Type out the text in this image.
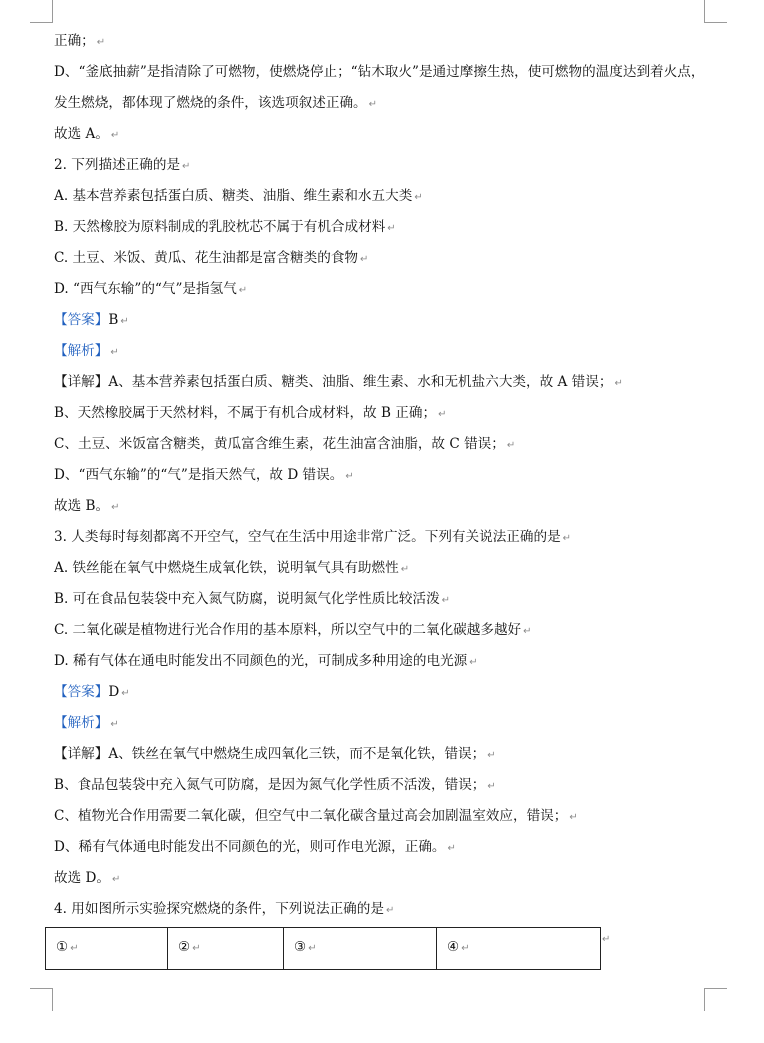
正确； ↵
D、“釜底抽薪”是指清除了可燃物，使燃烧停止；“钻木取火”是通过摩擦生热，使可燃物的温度达到着火点，
发生燃烧，都体现了燃烧的条件，该选项叙述正确。 ↵
故选 A。 ↵
2. 下列描述正确的是 ↵
A. 基本营养素包括蛋白质、糖类、油脂、维生素和水五大类 ↵
B. 天然橡胶为原料制成的乳胶枕芯不属于有机合成材料 ↵
C. 土豆、米饭、黄瓜、花生油都是富含糖类的食物 ↵
D. “西气东输”的“气”是指氢气 ↵
【答案】B ↵
【解析】 ↵
【详解】A、基本营养素包括蛋白质、糖类、油脂、维生素、水和无机盐六大类，故 A 错误； ↵
B、天然橡胶属于天然材料，不属于有机合成材料，故 B 正确； ↵
C、土豆、米饭富含糖类，黄瓜富含维生素，花生油富含油脂，故 C 错误； ↵
D、“西气东输”的“气”是指天然气，故 D 错误。 ↵
故选 B。 ↵
3. 人类每时每刻都离不开空气，空气在生活中用途非常广泛。下列有关说法正确的是 ↵
A. 铁丝能在氧气中燃烧生成氧化铁，说明氧气具有助燃性 ↵
B. 可在食品包装袋中充入氮气防腐，说明氮气化学性质比较活泼 ↵
C. 二氧化碳是植物进行光合作用的基本原料，所以空气中的二氧化碳越多越好 ↵
D. 稀有气体在通电时能发出不同颜色的光，可制成多种用途的电光源 ↵
【答案】D ↵
【解析】 ↵
【详解】A、铁丝在氧气中燃烧生成四氧化三铁，而不是氧化铁，错误； ↵
B、食品包装袋中充入氮气可防腐，是因为氮气化学性质不活泼，错误； ↵
C、植物光合作用需要二氧化碳，但空气中二氧化碳含量过高会加剧温室效应，错误； ↵
D、稀有气体通电时能发出不同颜色的光，则可作电光源，正确。 ↵
故选 D。 ↵
4. 用如图所示实验探究燃烧的条件，下列说法正确的是 ↵
① ↵	② ↵	③ ↵	④ ↵
↵
